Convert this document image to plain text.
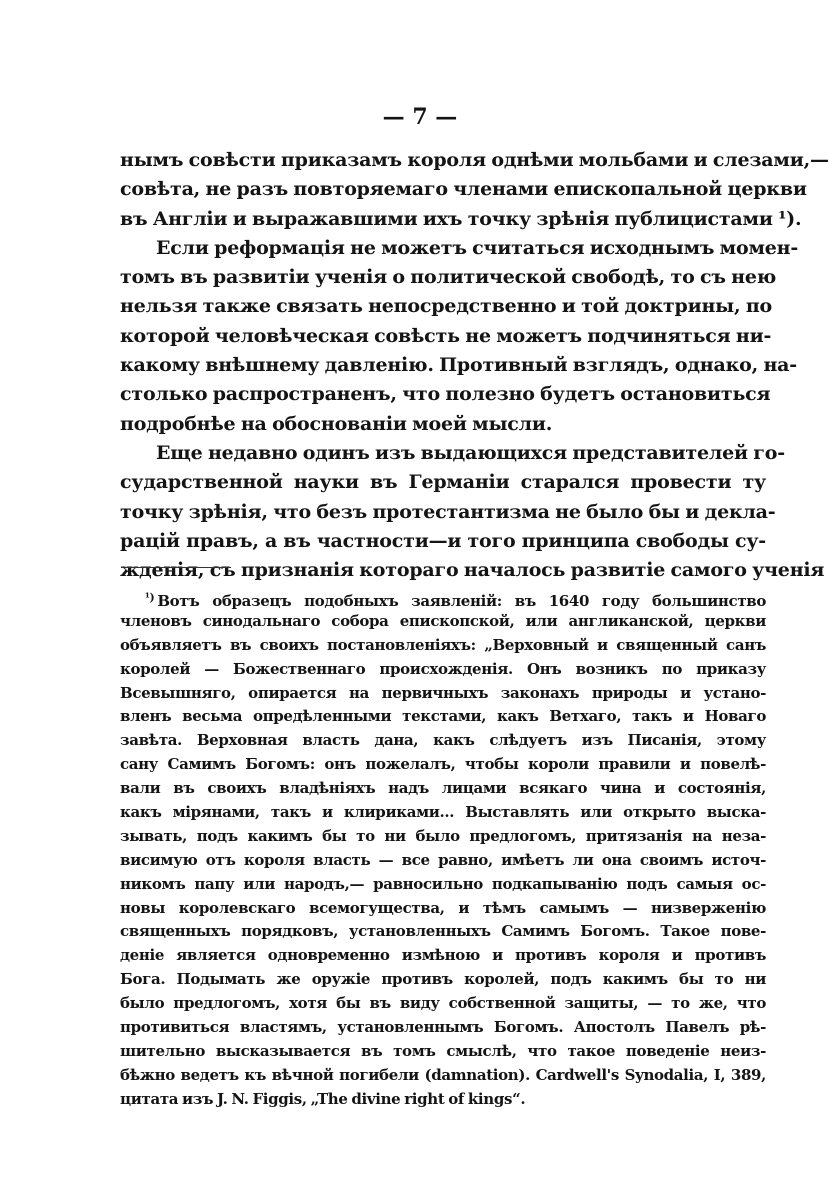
— 7 —
нымъ совѣсти приказамъ короля однѣми мольбами и слезами,—
совѣта, не разъ повторяемаго членами епископальной церкви
въ Англіи и выражавшими ихъ точку зрѣнія публицистами ¹).
Если реформація не можетъ считаться исходнымъ момен-
томъ въ развитіи ученія о политической свободѣ, то съ нею
нельзя также связать непосредственно и той доктрины, по
которой человѣческая совѣсть не можетъ подчиняться ни-
какому внѣшнему давленію. Противный взглядъ, однако, на-
столько распространенъ, что полезно будетъ остановиться
подробнѣе на обоснованіи моей мысли.
Еще недавно одинъ изъ выдающихся представителей го-
сударственной науки въ Германіи старался провести ту
точку зрѣнія, что безъ протестантизма не было бы и декла-
рацій правъ, а въ частности—и того принципа свободы су-
жденія, съ признанія котораго началось развитіе самого ученія
$^{^1)}$ Вотъ образецъ подобныхъ заявленій: въ 1640 году большинство
членовъ синодальнаго собора епископской, или англиканской, церкви
объявляетъ въ своихъ постановленіяхъ: „Верховный и священный санъ
королей — Божественнаго происхожденія. Онъ возникъ по приказу
Всевышняго, опирается на первичныхъ законахъ природы и устано-
вленъ весьма опредѣленными текстами, какъ Ветхаго, такъ и Новаго
завѣта. Верховная власть дана, какъ слѣдуетъ изъ Писанія, этому
сану Самимъ Богомъ: онъ пожелалъ, чтобы короли правили и повелѣ-
вали въ своихъ владѣніяхъ надъ лицами всякаго чина и состоянія,
какъ мірянами, такъ и клириками... Выставлять или открыто выска-
зывать, подъ какимъ бы то ни было предлогомъ, притязанія на неза-
висимую отъ короля власть — все равно, имѣетъ ли она своимъ источ-
никомъ папу или народъ,— равносильно подкапыванію подъ самыя ос-
новы королевскаго всемогущества, и тѣмъ самымъ — низверженію
священныхъ порядковъ, установленныхъ Самимъ Богомъ. Такое пове-
деніе является одновременно измѣною и противъ короля и противъ
Бога. Подымать же оружіе противъ королей, подъ какимъ бы то ни
было предлогомъ, хотя бы въ виду собственной защиты, — то же, что
противиться властямъ, установленнымъ Богомъ. Апостолъ Павелъ рѣ-
шительно высказывается въ томъ смыслѣ, что такое поведеніе неиз-
бѣжно ведетъ къ вѣчной погибели (damnation). Cardwell's Synodalia, I, 389,
цитата изъ J. N. Figgis, „The divine right of kings“.
